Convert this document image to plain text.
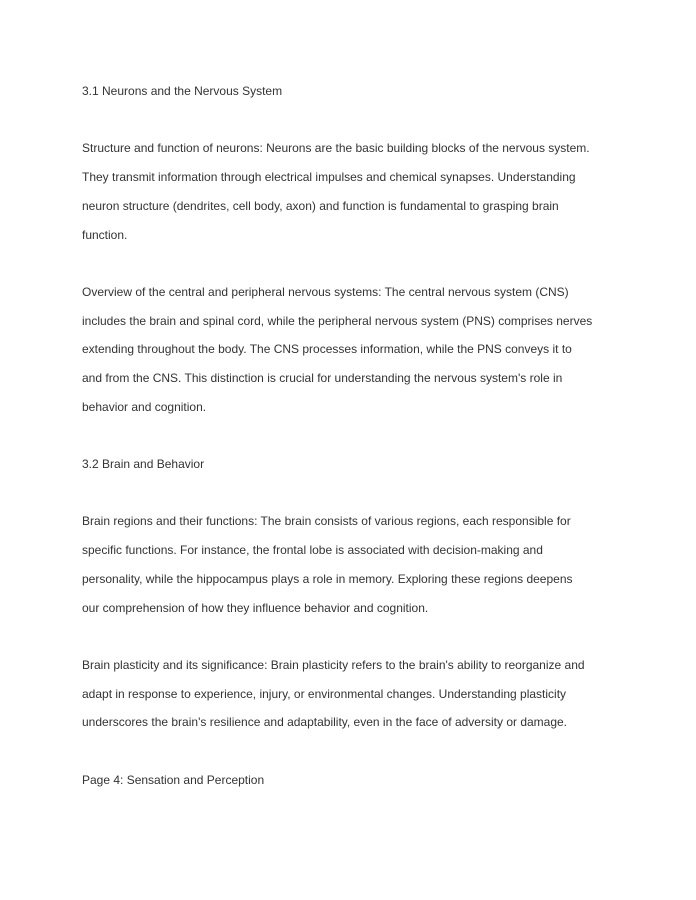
3.1 Neurons and the Nervous System
Structure and function of neurons: Neurons are the basic building blocks of the nervous system.
They transmit information through electrical impulses and chemical synapses. Understanding
neuron structure (dendrites, cell body, axon) and function is fundamental to grasping brain
function.
Overview of the central and peripheral nervous systems: The central nervous system (CNS)
includes the brain and spinal cord, while the peripheral nervous system (PNS) comprises nerves
extending throughout the body. The CNS processes information, while the PNS conveys it to
and from the CNS. This distinction is crucial for understanding the nervous system's role in
behavior and cognition.
3.2 Brain and Behavior
Brain regions and their functions: The brain consists of various regions, each responsible for
specific functions. For instance, the frontal lobe is associated with decision-making and
personality, while the hippocampus plays a role in memory. Exploring these regions deepens
our comprehension of how they influence behavior and cognition.
Brain plasticity and its significance: Brain plasticity refers to the brain's ability to reorganize and
adapt in response to experience, injury, or environmental changes. Understanding plasticity
underscores the brain's resilience and adaptability, even in the face of adversity or damage.
Page 4: Sensation and Perception
